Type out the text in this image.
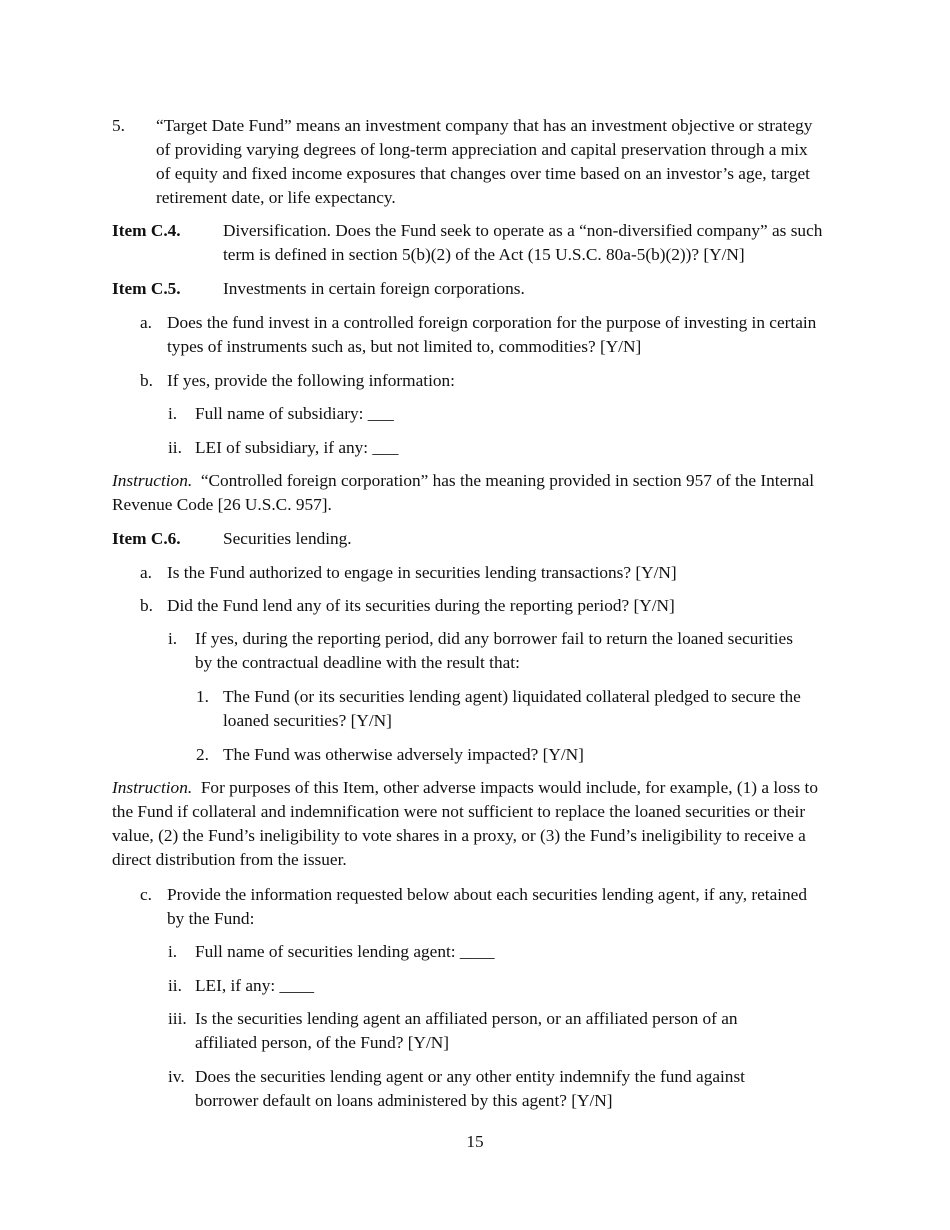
5. “Target Date Fund” means an investment company that has an investment objective or strategy of providing varying degrees of long-term appreciation and capital preservation through a mix of equity and fixed income exposures that changes over time based on an investor’s age, target retirement date, or life expectancy.
Item C.4. Diversification. Does the Fund seek to operate as a “non-diversified company” as such term is defined in section 5(b)(2) of the Act (15 U.S.C. 80a-5(b)(2))? [Y/N]
Item C.5. Investments in certain foreign corporations.
a. Does the fund invest in a controlled foreign corporation for the purpose of investing in certain types of instruments such as, but not limited to, commodities? [Y/N]
b. If yes, provide the following information:
i. Full name of subsidiary: ___
ii. LEI of subsidiary, if any: ___
Instruction.  “Controlled foreign corporation” has the meaning provided in section 957 of the Internal Revenue Code [26 U.S.C. 957].
Item C.6. Securities lending.
a. Is the Fund authorized to engage in securities lending transactions? [Y/N]
b. Did the Fund lend any of its securities during the reporting period? [Y/N]
i. If yes, during the reporting period, did any borrower fail to return the loaned securities by the contractual deadline with the result that:
1. The Fund (or its securities lending agent) liquidated collateral pledged to secure the loaned securities? [Y/N]
2. The Fund was otherwise adversely impacted? [Y/N]
Instruction.  For purposes of this Item, other adverse impacts would include, for example, (1) a loss to the Fund if collateral and indemnification were not sufficient to replace the loaned securities or their value, (2) the Fund’s ineligibility to vote shares in a proxy, or (3) the Fund’s ineligibility to receive a direct distribution from the issuer.
c. Provide the information requested below about each securities lending agent, if any, retained by the Fund:
i. Full name of securities lending agent: ____
ii. LEI, if any: ____
iii. Is the securities lending agent an affiliated person, or an affiliated person of an affiliated person, of the Fund? [Y/N]
iv. Does the securities lending agent or any other entity indemnify the fund against borrower default on loans administered by this agent? [Y/N]
15
